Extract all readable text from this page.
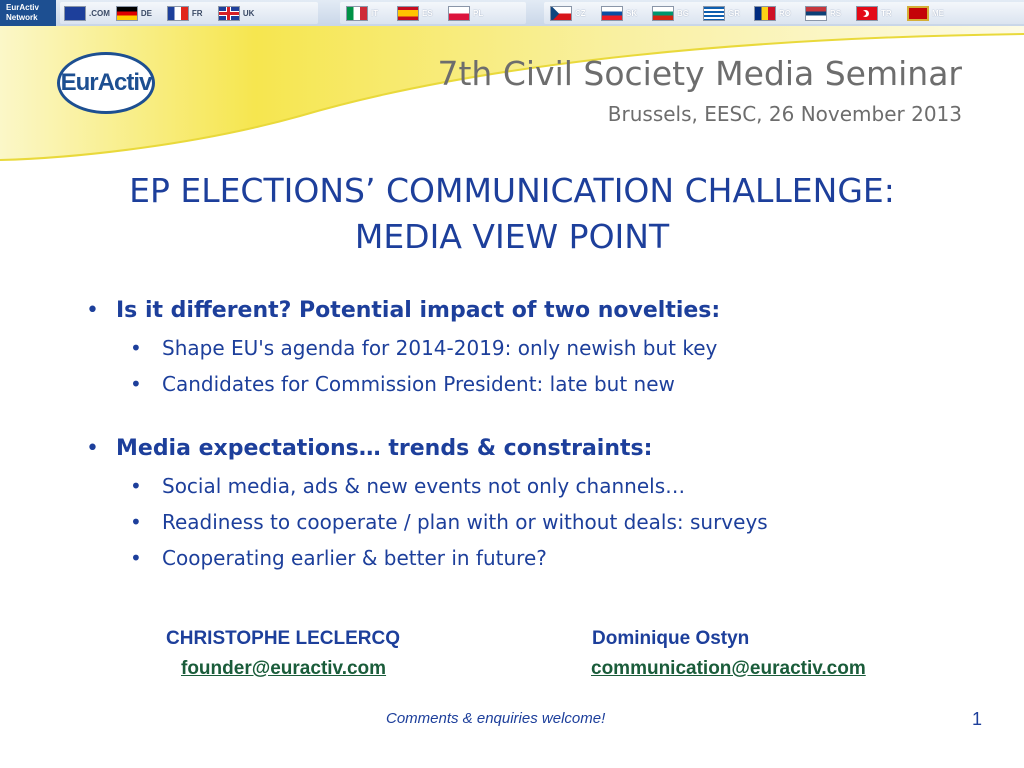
EurActiv
Network	.COM	DE	FR	UK	IT	ES	PL	CZ	SK	BG	GR	RO	RS	TR	ME
EurActiv	7th Civil Society Media Seminar
Brussels, EESC, 26 November 2013
EP ELECTIONS’ COMMUNICATION CHALLENGE:
MEDIA VIEW POINT
• Is it different? Potential impact of two novelties:
• Shape EU's agenda for 2014-2019: only newish but key
• Candidates for Commission President: late but new
• Media expectations… trends & constraints:
• Social media, ads & new events not only channels…
• Readiness to cooperate / plan with or without deals: surveys
• Cooperating earlier & better in future?
CHRISTOPHE LECLERCQ
founder@euractiv.com
Dominique Ostyn
communication@euractiv.com
Comments & enquiries welcome!	1
